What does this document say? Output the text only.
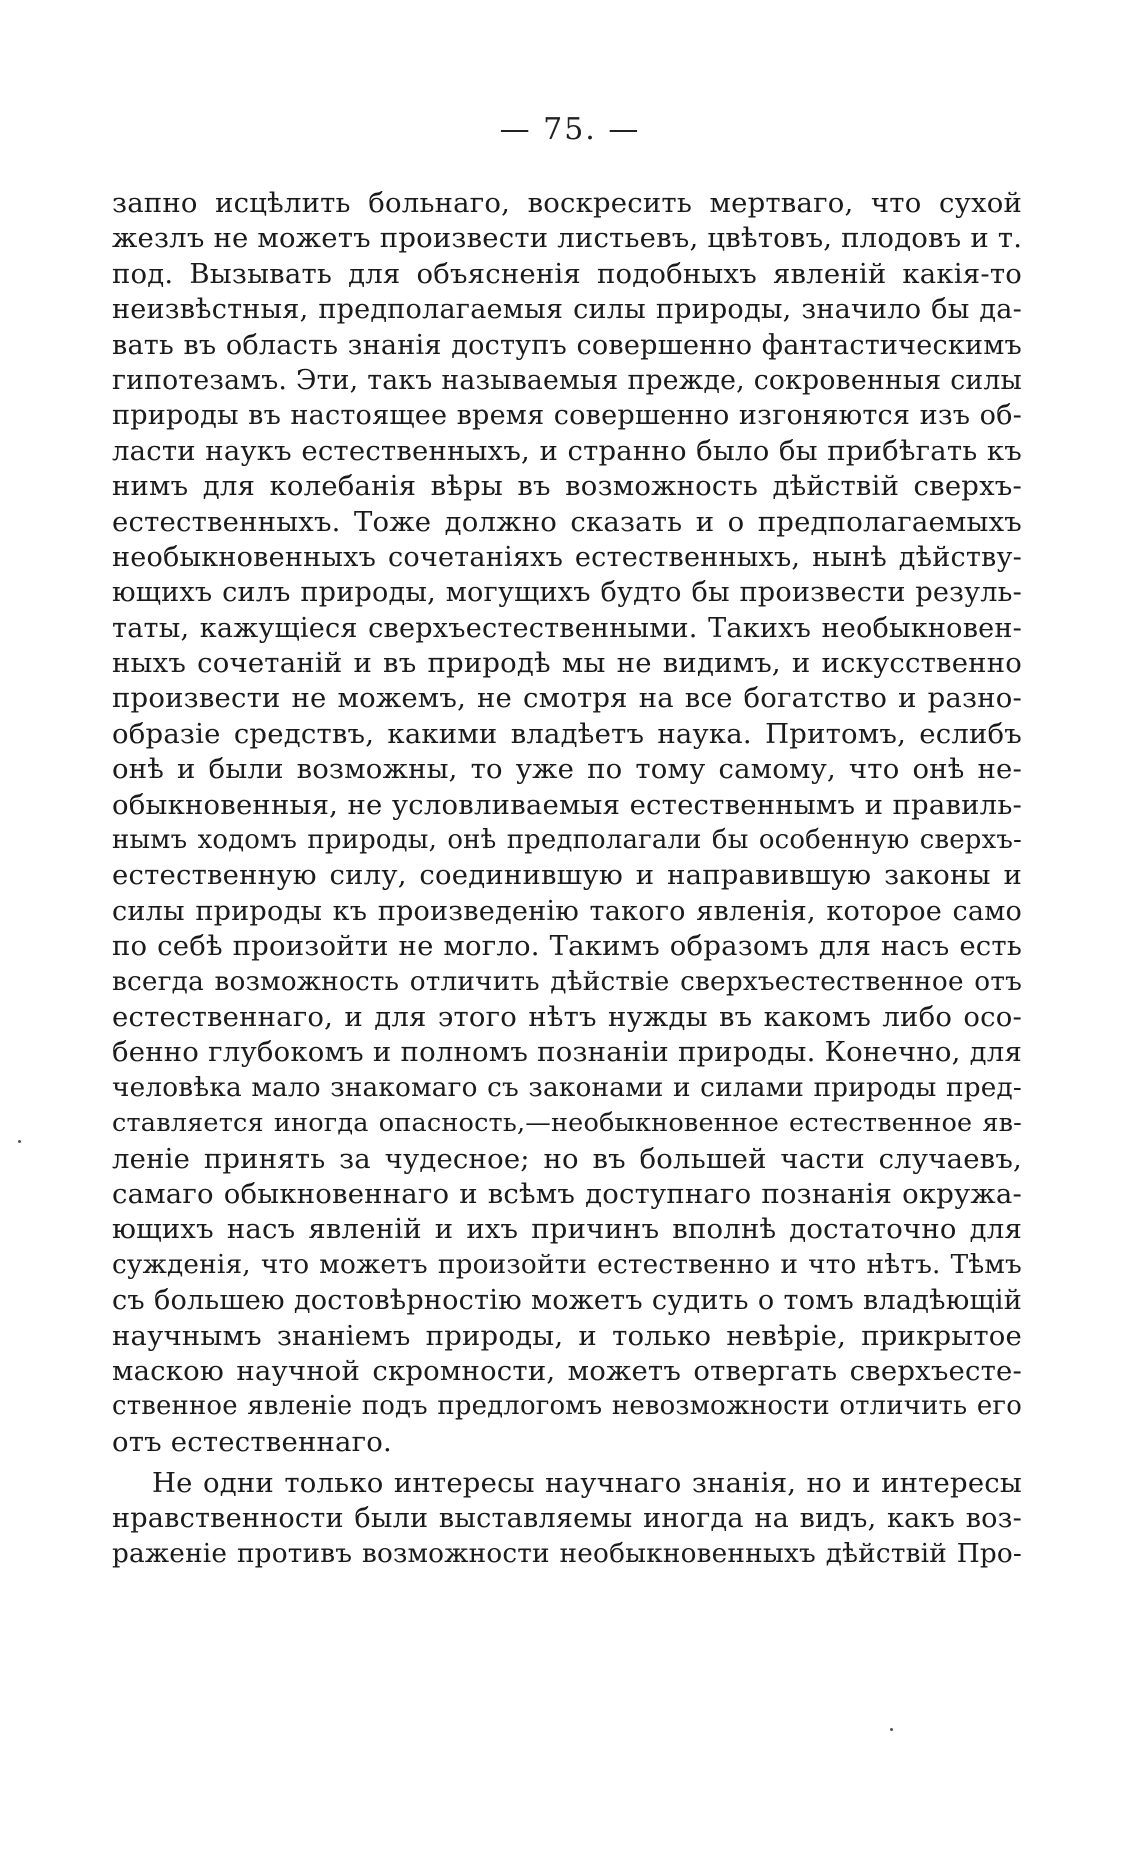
— 75. —
запно исцѣлить больнаго, воскресить мертваго, что сухой
жезлъ не можетъ произвести листьевъ, цвѣтовъ, плодовъ и т.
под. Вызывать для объясненія подобныхъ явленій какія-то
неизвѣстныя, предполагаемыя силы природы, значило бы да-
вать въ область знанія доступъ совершенно фантастическимъ
гипотезамъ. Эти, такъ называемыя прежде, сокровенныя силы
природы въ настоящее время совершенно изгоняются изъ об-
ласти наукъ естественныхъ, и странно было бы прибѣгать къ
нимъ для колебанія вѣры въ возможность дѣйствій сверхъ-
естественныхъ. Тоже должно сказать и о предполагаемыхъ
необыкновенныхъ сочетаніяхъ естественныхъ, нынѣ дѣйству-
ющихъ силъ природы, могущихъ будто бы произвести резуль-
таты, кажущіеся сверхъестественными. Такихъ необыкновен-
ныхъ сочетаній и въ природѣ мы не видимъ, и искусственно
произвести не можемъ, не смотря на все богатство и разно-
образіе средствъ, какими владѣетъ наука. Притомъ, еслибъ
онѣ и были возможны, то уже по тому самому, что онѣ не-
обыкновенныя, не условливаемыя естественнымъ и правиль-
нымъ ходомъ природы, онѣ предполагали бы особенную сверхъ-
естественную силу, соединившую и направившую законы и
силы природы къ произведенію такого явленія, которое само
по себѣ произойти не могло. Такимъ образомъ для насъ есть
всегда возможность отличить дѣйствіе сверхъестественное отъ
естественнаго, и для этого нѣтъ нужды въ какомъ либо осо-
бенно глубокомъ и полномъ познаніи природы. Конечно, для
человѣка мало знакомаго съ законами и силами природы пред-
ставляется иногда опасность,—необыкновенное естественное яв-
леніе принять за чудесное; но въ большей части случаевъ,
самаго обыкновеннаго и всѣмъ доступнаго познанія окружа-
ющихъ насъ явленій и ихъ причинъ вполнѣ достаточно для
сужденія, что можетъ произойти естественно и что нѣтъ. Тѣмъ
съ большею достовѣрностію можетъ судить о томъ владѣющій
научнымъ знаніемъ природы, и только невѣріе, прикрытое
маскою научной скромности, можетъ отвергать сверхъесте-
ственное явленіе подъ предлогомъ невозможности отличить его
отъ естественнаго.
Не одни только интересы научнаго знанія, но и интересы
нравственности были выставляемы иногда на видъ, какъ воз-
раженіе противъ возможности необыкновенныхъ дѣйствій Про-
